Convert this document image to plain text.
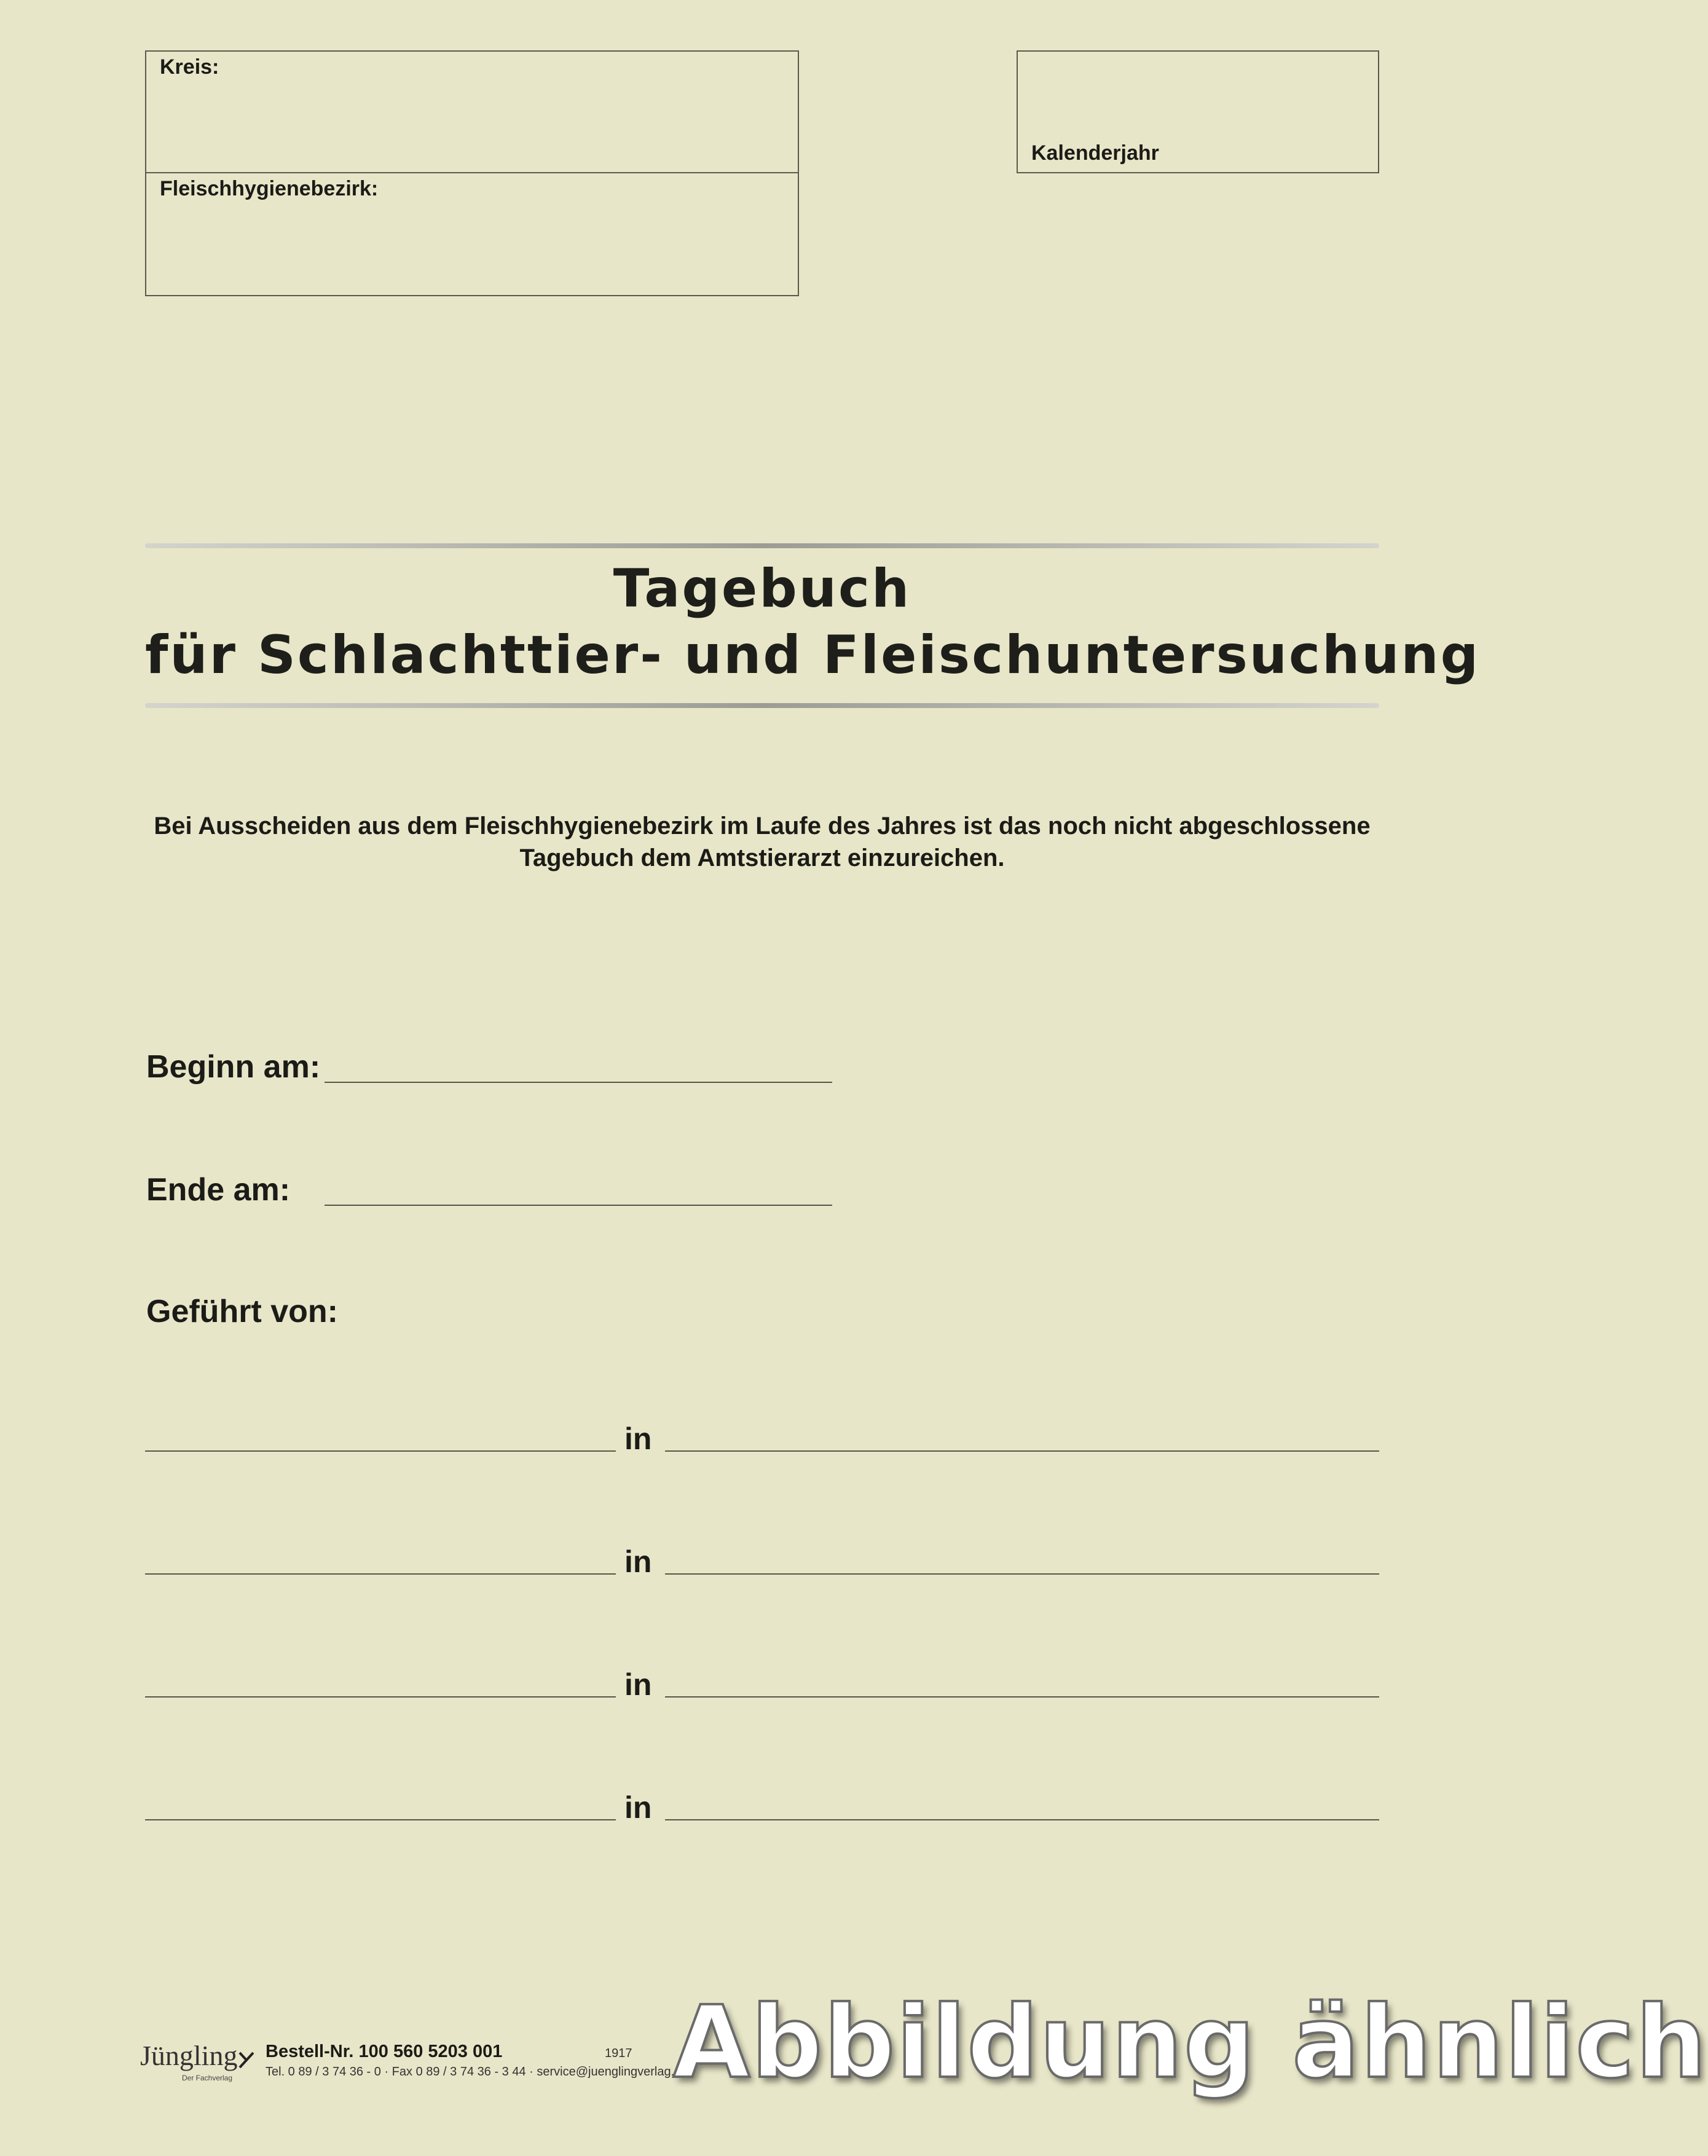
Kreis:
Fleischhygienebezirk:
Kalenderjahr
Tagebuch
für Schlachttier- und Fleischuntersuchung
Bei Ausscheiden aus dem Fleischhygienebezirk im Laufe des Jahres ist das noch nicht abgeschlossene
Tagebuch dem Amtstierarzt einzureichen.
Beginn am:
Ende am:
Geführt von:
in
in
in
in
Jüngling
Der Fachverlag
Bestell-Nr. 100 560 5203 001	1917
Tel. 0 89 / 3 74 36 - 0 · Fax 0 89 / 3 74 36 - 3 44 · service@juenglingverlag.de
Abbildung ähnlich
